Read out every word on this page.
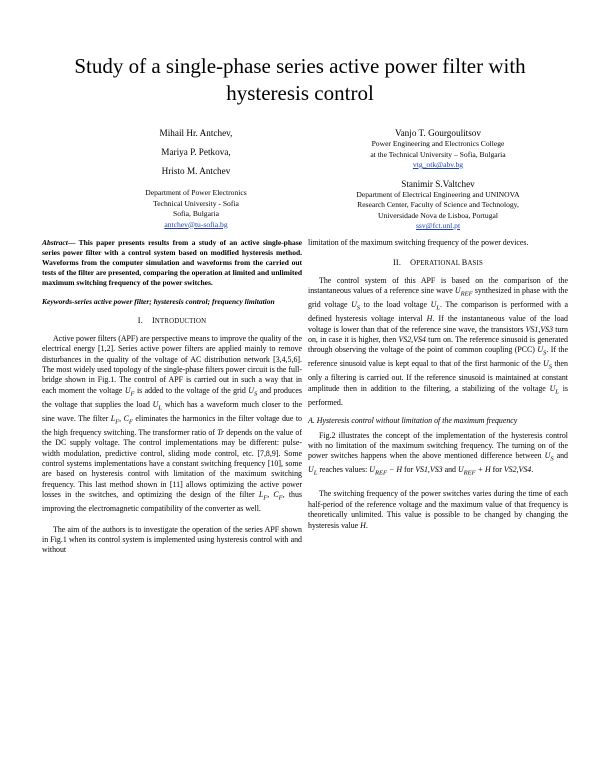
Study of a single-phase series active power filter with hysteresis control
Mihail Hr. Antchev,
Mariya P. Petkova,
Hristo M. Antchev
Department of Power Electronics
Technical University - Sofia
Sofia, Bulgaria
antchev@tu-sofia.bg
Vanjo T. Gourgoulitsov
Power Engineering and Electronics College
at the Technical University – Sofia, Bulgaria
vtg_otk@abv.bg
Stanimir S.Valtchev
Department of Electrical Engineering and UNINOVA
Research Center, Faculty of Science and Technology,
Universidade Nova de Lisboa, Portugal
ssv@fct.unl.pt
Abstract— This paper presents results from a study of an active single-phase series power filter with a control system based on modified hysteresis method. Waveforms from the computer simulation and waveforms from the carried out tests of the filter are presented, comparing the operation at limited and unlimited maximum switching frequency of the power switches.
Keywords-series active power filter; hysteresis control; frequency limitation
I. INTRODUCTION

Active power filters (APF) are perspective means to improve the quality of the electrical energy [1,2]. Series active power filters are applied mainly to remove disturbances in the quality of the voltage of AC distribution network [3,4,5,6]. The most widely used topology of the single-phase filters power circuit is the full-bridge shown in Fig.1. The control of APF is carried out in such a way that in each moment the voltage $U_F$ is added to the voltage of the grid $U_S$ and produces the voltage that supplies the load $U_L$ which has a waveform much closer to the sine wave. The filter $L_F$, $C_F$ eliminates the harmonics in the filter voltage due to the high frequency switching. The transformer ratio of Tr depends on the value of the DC supply voltage. The control implementations may be different: pulse-width modulation, predictive control, sliding mode control, etc. [7,8,9]. Some control systems implementations have a constant switching frequency [10], some are based on hysteresis control with limitation of the maximum switching frequency. This last method shown in [11] allows optimizing the active power losses in the switches, and optimizing the design of the filter $L_F$, $C_F$, thus improving the electromagnetic compatibility of the converter as well.

The aim of the authors is to investigate the operation of the series APF shown in Fig.1 when its control system is implemented using hysteresis control with and without

limitation of the maximum switching frequency of the power devices.

II. OPERATIONAL BASIS

The control system of this APF is based on the comparison of the instantaneous values of a reference sine wave $U_{REF}$ synthesized in phase with the grid voltage $U_S$ to the load voltage $U_L$. The comparison is performed with a defined hysteresis voltage interval H. If the instantaneous value of the load voltage is lower than that of the reference sine wave, the transistors VS1,VS3 turn on, in case it is higher, then VS2,VS4 turn on. The reference sinusoid is generated through observing the voltage of the point of common coupling (PCC) $U_S$. If the reference sinusoid value is kept equal to that of the first harmonic of the $U_S$ then only a filtering is carried out. If the reference sinusoid is maintained at constant amplitude then in addition to the filtering, a stabilizing of the voltage $U_L$ is performed.

A. Hysteresis control without limitation of the maximum frequency

Fig.2 illustrates the concept of the implementation of the hysteresis control with no limitation of the maximum switching frequency. The turning on of the power switches happens when the above mentioned difference between $U_S$ and $U_L$ reaches values: $U_{REF} - H$ for VS1,VS3 and $U_{REF} + H$ for VS2,VS4.

The switching frequency of the power switches varies during the time of each half-period of the reference voltage and the maximum value of that frequency is theoretically unlimited. This value is possible to be changed by changing the hysteresis value H.
